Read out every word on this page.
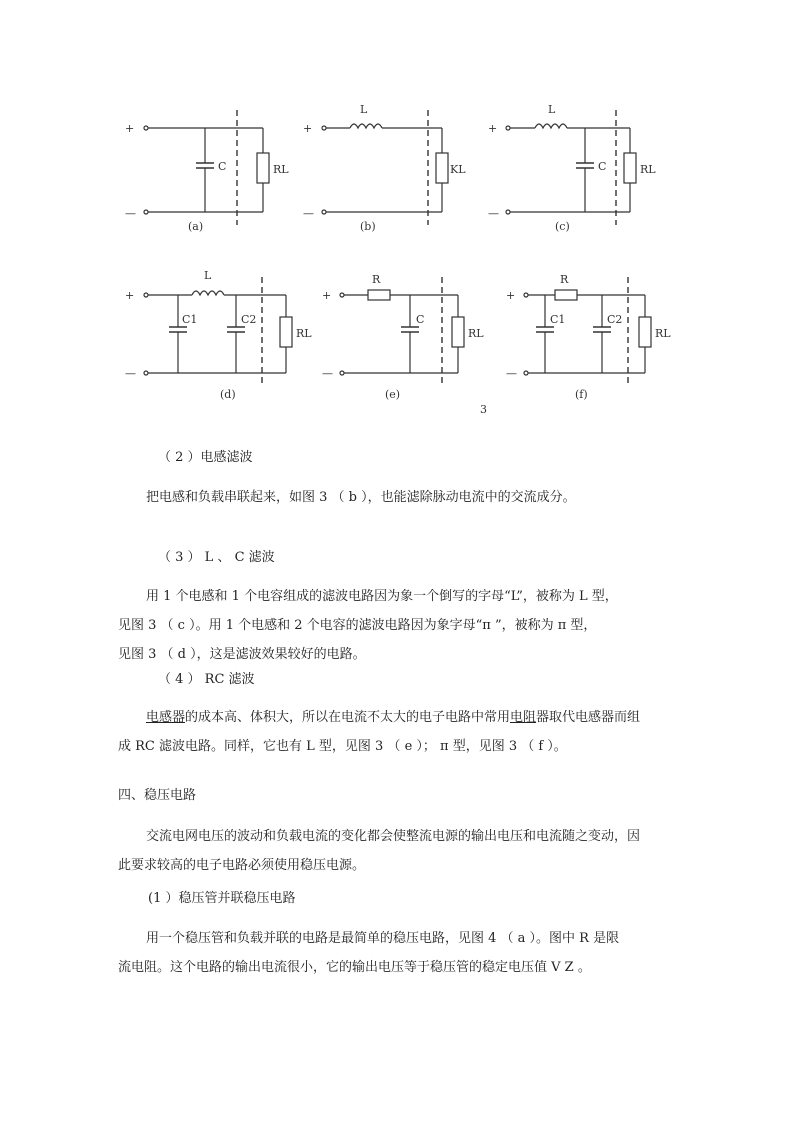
+
—
C	RL
(a)
+
—
L
KL
(b)
+
—
L
C	RL
(c)
+
—
L
C1	C2
RL
(d)
+
—
R
C
RL
(e)
3
+
—
R
C1	C2
RL
(f)

（ 2 ）电感滤波

把电感和负载串联起来，如图 3 （ b ），也能滤除脉动电流中的交流成分。

（ 3 ） L 、 C 滤波

用 1 个电感和 1 个电容组成的滤波电路因为象一个倒写的字母“L”，被称为 L 型，
见图 3 （ c ）。用 1 个电感和 2 个电容的滤波电路因为象字母“π ”，被称为 π 型，
见图 3 （ d ），这是滤波效果较好的电路。

（ 4 ） RC 滤波

电感器的成本高、体积大，所以在电流不太大的电子电路中常用电阻器取代电感器而组
成 RC 滤波电路。同样，它也有 L 型，见图 3 （ e ）； π 型，见图 3 （ f ）。

四、稳压电路

交流电网电压的波动和负载电流的变化都会使整流电源的输出电压和电流随之变动，因
此要求较高的电子电路必须使用稳压电源。

(1 ）稳压管并联稳压电路

用一个稳压管和负载并联的电路是最简单的稳压电路，见图 4 （ a ）。图中 R 是限
流电阻。这个电路的输出电流很小，它的输出电压等于稳压管的稳定电压值 V Z 。
